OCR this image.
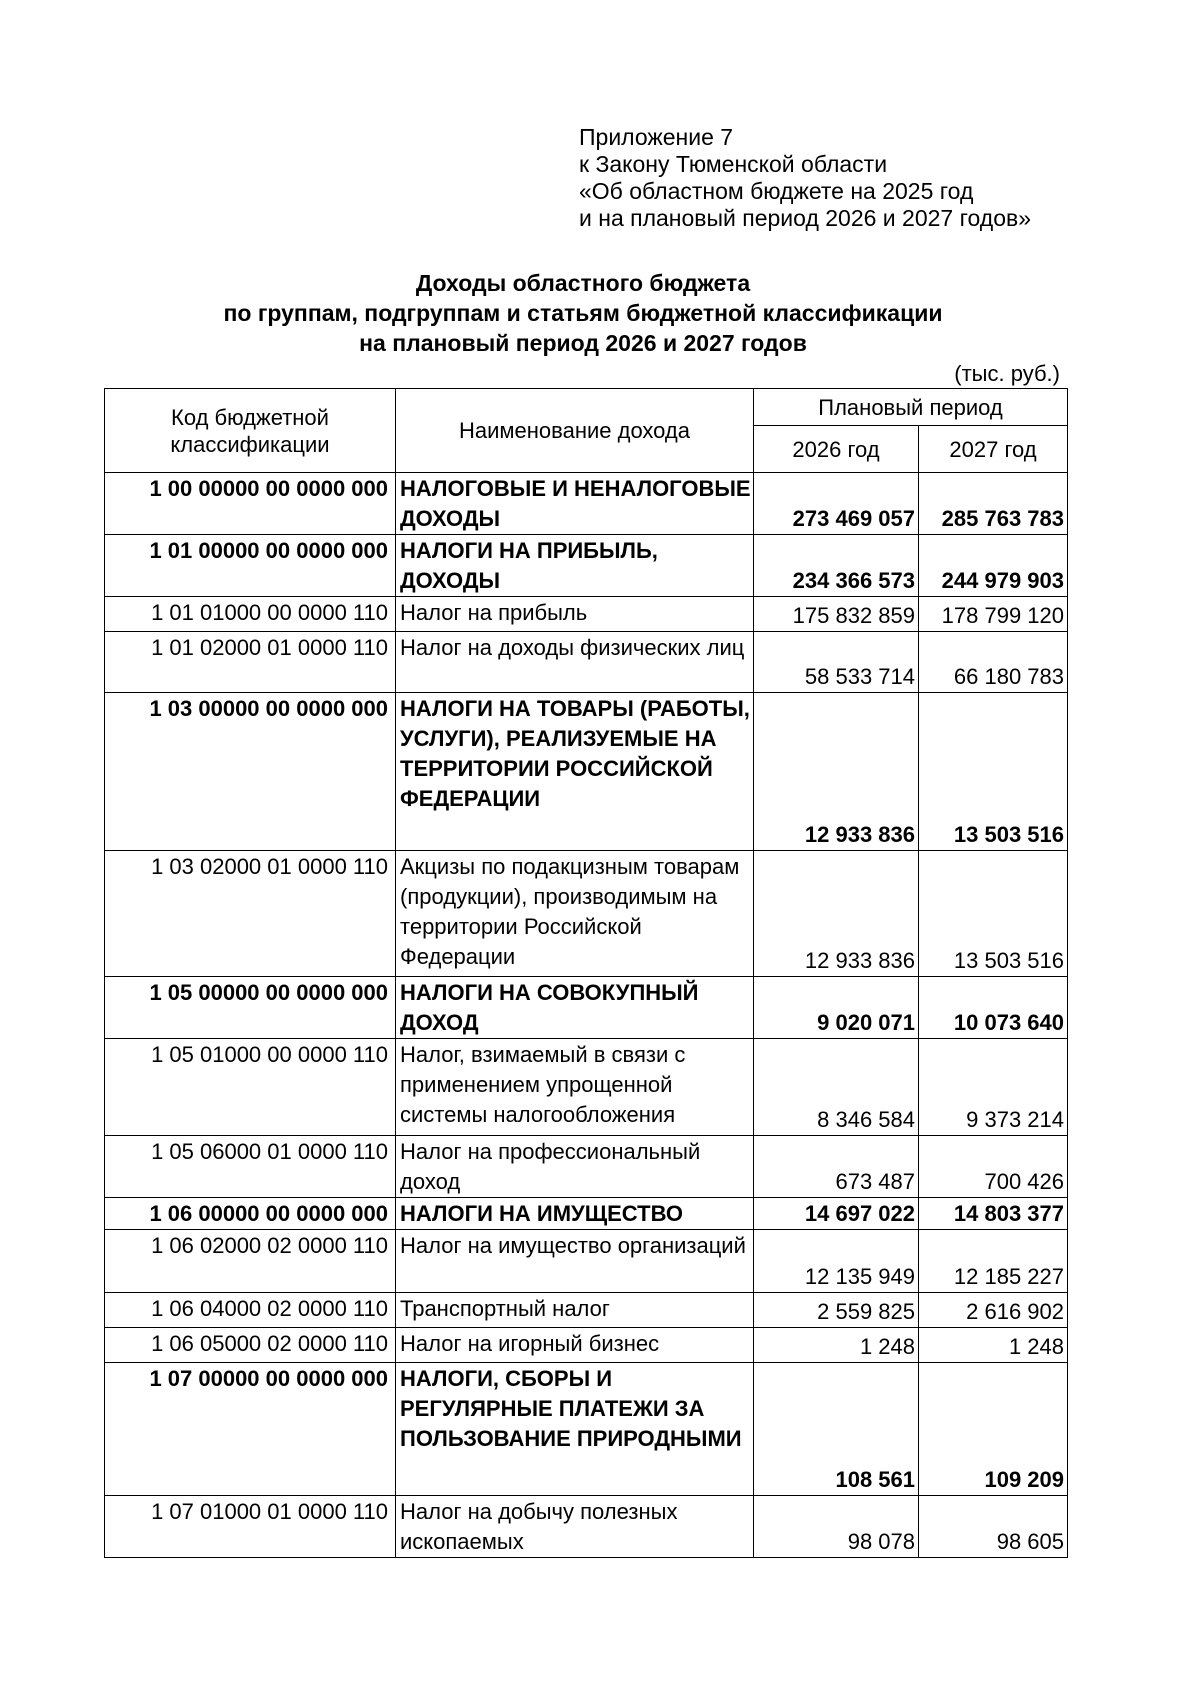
Приложение 7
к Закону Тюменской области
«Об областном бюджете на 2025 год
и на плановый период 2026 и 2027 годов»
Доходы областного бюджета
по группам, подгруппам и статьям бюджетной классификации
на плановый период 2026 и 2027 годов
(тыс. руб.)
Код бюджетной классификации	Наименование дохода	Плановый период	
		2026 год	2027 год
1 00 00000 00 0000 000	НАЛОГОВЫЕ И НЕНАЛОГОВЫЕ ДОХОДЫ	273 469 057	285 763 783
1 01 00000 00 0000 000	НАЛОГИ НА ПРИБЫЛЬ, ДОХОДЫ	234 366 573	244 979 903
1 01 01000 00 0000 110	Налог на прибыль	175 832 859	178 799 120
1 01 02000 01 0000 110	Налог на доходы физических лиц	58 533 714	66 180 783
1 03 00000 00 0000 000	НАЛОГИ НА ТОВАРЫ (РАБОТЫ, УСЛУГИ), РЕАЛИЗУЕМЫЕ НА ТЕРРИТОРИИ РОССИЙСКОЙ ФЕДЕРАЦИИ	12 933 836	13 503 516
1 03 02000 01 0000 110	Акцизы по подакцизным товарам (продукции), производимым на территории Российской Федерации	12 933 836	13 503 516
1 05 00000 00 0000 000	НАЛОГИ НА СОВОКУПНЫЙ ДОХОД	9 020 071	10 073 640
1 05 01000 00 0000 110	Налог, взимаемый в связи с применением упрощенной системы налогообложения	8 346 584	9 373 214
1 05 06000 01 0000 110	Налог на профессиональный доход	673 487	700 426
1 06 00000 00 0000 000	НАЛОГИ НА ИМУЩЕСТВО	14 697 022	14 803 377
1 06 02000 02 0000 110	Налог на имущество организаций	12 135 949	12 185 227
1 06 04000 02 0000 110	Транспортный налог	2 559 825	2 616 902
1 06 05000 02 0000 110	Налог на игорный бизнес	1 248	1 248
1 07 00000 00 0000 000	НАЛОГИ, СБОРЫ И РЕГУЛЯРНЫЕ ПЛАТЕЖИ ЗА ПОЛЬЗОВАНИЕ ПРИРОДНЫМИ	108 561	109 209
1 07 01000 01 0000 110	Налог на добычу полезных ископаемых	98 078	98 605
